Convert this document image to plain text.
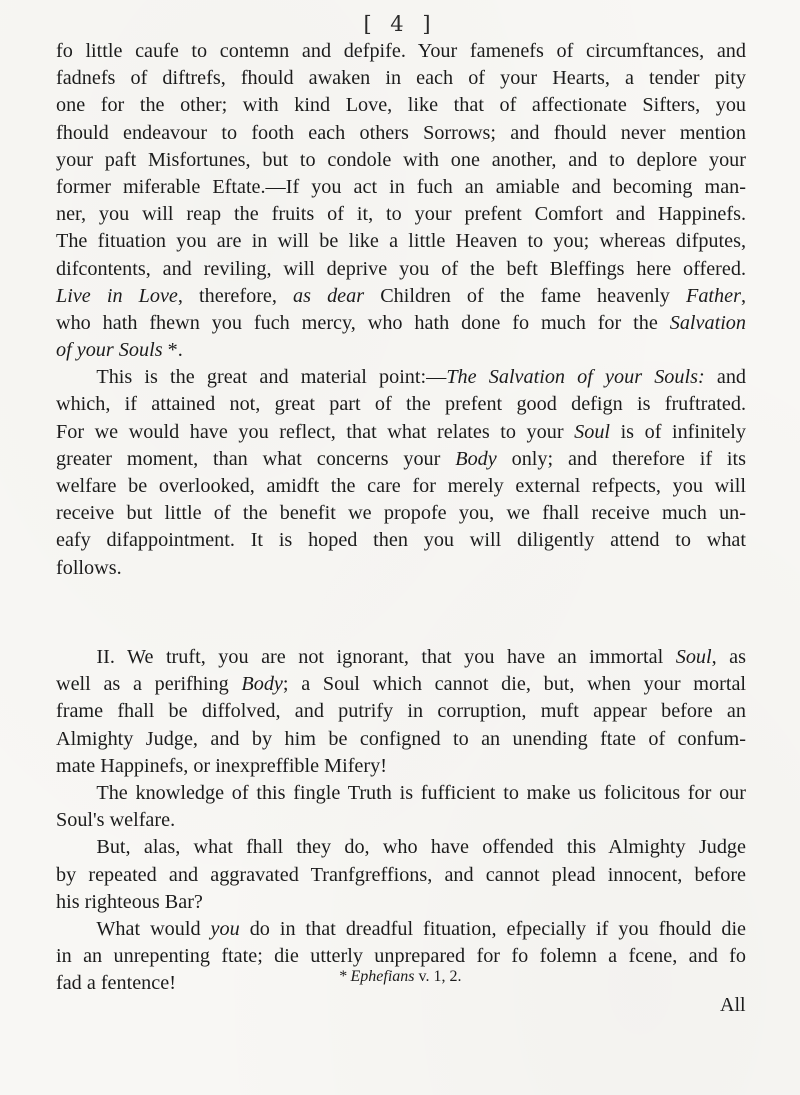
[ 4 ]
fo little caufe to contemn and defpife. Your famenefs of circumftances, and
fadnefs of diftrefs, fhould awaken in each of your Hearts, a tender pity
one for the other; with kind Love, like that of affectionate Sifters, you
fhould endeavour to footh each others Sorrows; and fhould never mention
your paft Misfortunes, but to condole with one another, and to deplore your
former miferable Eftate.—If you act in fuch an amiable and becoming man-
ner, you will reap the fruits of it, to your prefent Comfort and Happinefs.
The fituation you are in will be like a little Heaven to you; whereas difputes,
difcontents, and reviling, will deprive you of the beft Bleffings here offered.
Live in Love, therefore, as dear Children of the fame heavenly Father,
who hath fhewn you fuch mercy, who hath done fo much for the Salvation
of your Souls *.
  This is the great and material point:—The Salvation of your Souls: and
which, if attained not, great part of the prefent good defign is fruftrated.
For we would have you reflect, that what relates to your Soul is of infinitely
greater moment, than what concerns your Body only; and therefore if its
welfare be overlooked, amidft the care for merely external refpects, you will
receive but little of the benefit we propofe you, we fhall receive much un-
eafy difappointment. It is hoped then you will diligently attend to what
follows.
  II. We truft, you are not ignorant, that you have an immortal Soul, as
well as a perifhing Body; a Soul which cannot die, but, when your mortal
frame fhall be diffolved, and putrify in corruption, muft appear before an
Almighty Judge, and by him be configned to an unending ftate of confum-
mate Happinefs, or inexpreffible Mifery!
  The knowledge of this fingle Truth is fufficient to make us folicitous for our
Soul's welfare.
  But, alas, what fhall they do, who have offended this Almighty Judge
by repeated and aggravated Tranfgreffions, and cannot plead innocent, before
his righteous Bar?
  What would you do in that dreadful fituation, efpecially if you fhould die
in an unrepenting ftate; die utterly unprepared for fo folemn a fcene, and fo
fad a fentence!	* Ephefians v. 1, 2.
All
